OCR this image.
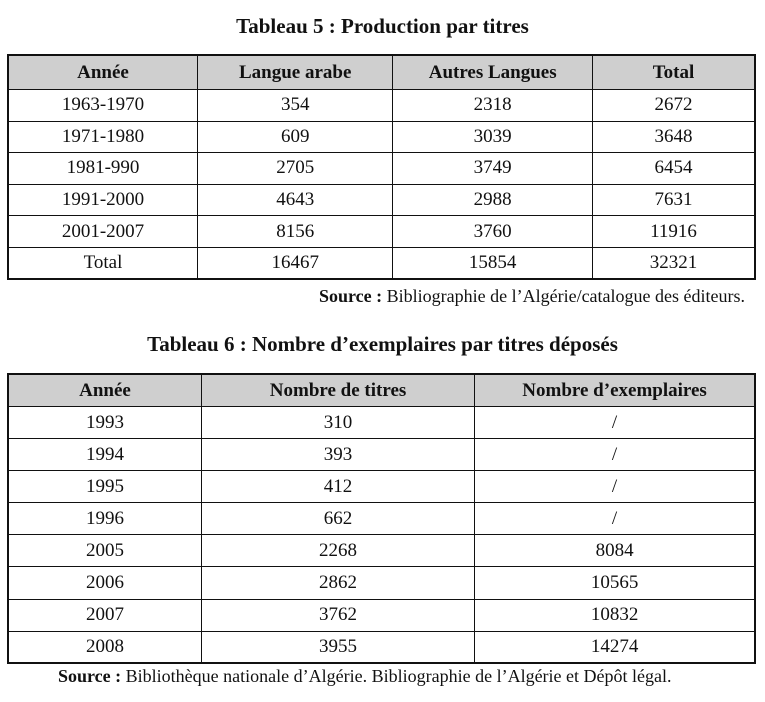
Tableau 5 : Production par titres
Année	Langue arabe	Autres Langues	Total
1963-1970	354	2318	2672
1971-1980	609	3039	3648
1981-990	2705	3749	6454
1991-2000	4643	2988	7631
2001-2007	8156	3760	11916
Total	16467	15854	32321
Source : Bibliographie de l’Algérie/catalogue des éditeurs.
Tableau 6 : Nombre d’exemplaires par titres déposés
Année	Nombre de titres	Nombre d’exemplaires
1993	310	/
1994	393	/
1995	412	/
1996	662	/
2005	2268	8084
2006	2862	10565
2007	3762	10832
2008	3955	14274
Source : Bibliothèque nationale d’Algérie. Bibliographie de l’Algérie et Dépôt légal.
